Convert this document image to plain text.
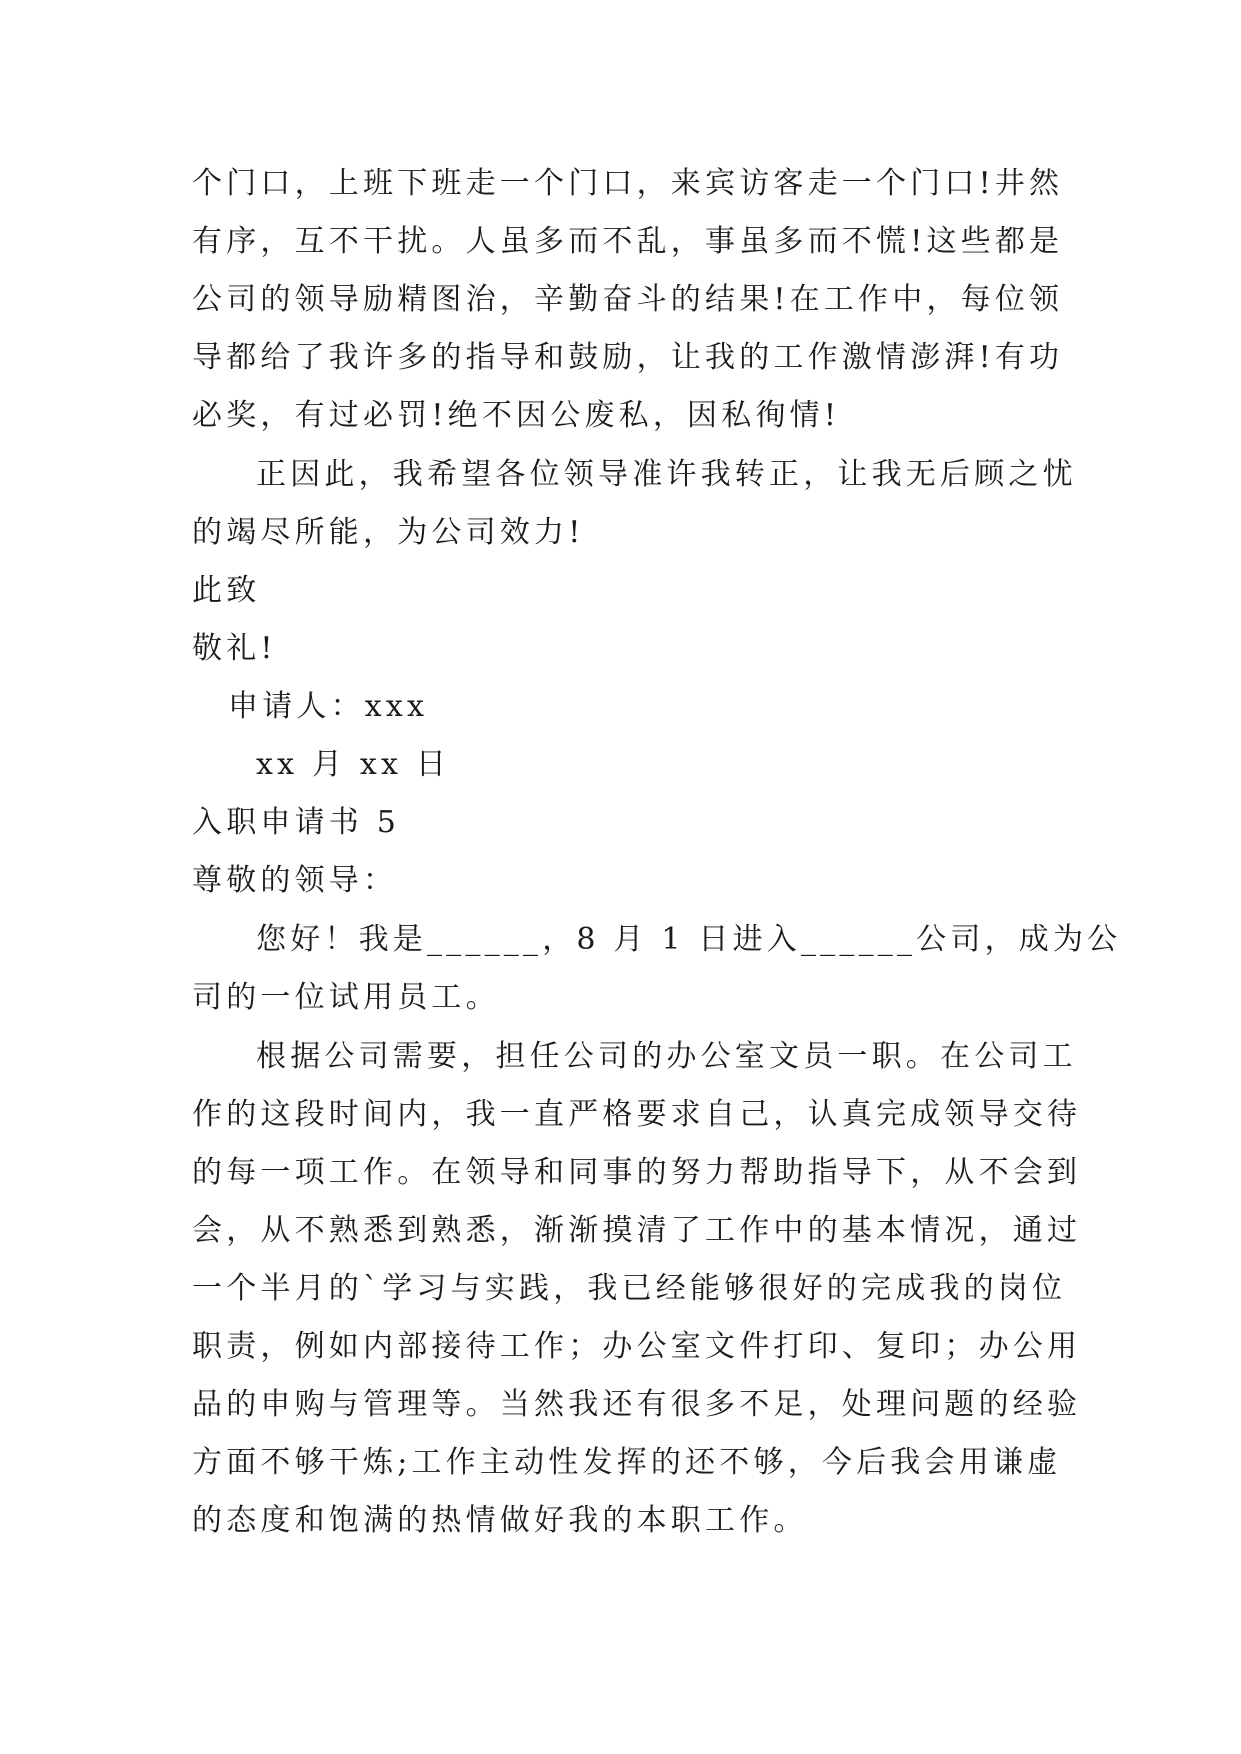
个门口，上班下班走一个门口，来宾访客走一个门口!井然
有序，互不干扰。人虽多而不乱，事虽多而不慌!这些都是
公司的领导励精图治，辛勤奋斗的结果!在工作中，每位领
导都给了我许多的指导和鼓励，让我的工作激情澎湃!有功
必奖，有过必罚!绝不因公废私，因私徇情!
正因此，我希望各位领导准许我转正，让我无后顾之忧
的竭尽所能，为公司效力!
此致
敬礼!
申请人：xxx
xx 月 xx 日
入职申请书 5
尊敬的领导：
您好！我是______，8 月 1 日进入______公司，成为公
司的一位试用员工。
根据公司需要，担任公司的办公室文员一职。在公司工
作的这段时间内，我一直严格要求自己，认真完成领导交待
的每一项工作。在领导和同事的努力帮助指导下，从不会到
会，从不熟悉到熟悉，渐渐摸清了工作中的基本情况，通过
一个半月的`学习与实践，我已经能够很好的完成我的岗位
职责，例如内部接待工作；办公室文件打印、复印；办公用
品的申购与管理等。当然我还有很多不足，处理问题的经验
方面不够干炼;工作主动性发挥的还不够，今后我会用谦虚
的态度和饱满的热情做好我的本职工作。
